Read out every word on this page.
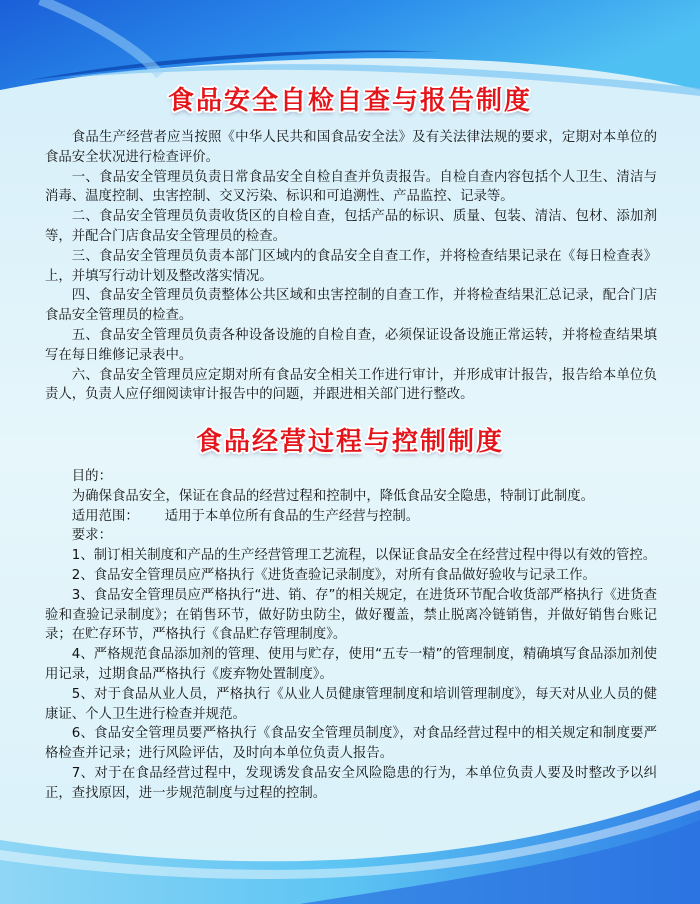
食品安全自检自查与报告制度

食品生产经营者应当按照《中华人民共和国食品安全法》及有关法律法规的要求，定期对本单位的食品安全状况进行检查评价。

一、食品安全管理员负责日常食品安全自检自查并负责报告。自检自查内容包括个人卫生、清洁与消毒、温度控制、虫害控制、交叉污染、标识和可追溯性、产品监控、记录等。

二、食品安全管理员负责收货区的自检自查，包括产品的标识、质量、包装、清洁、包材、添加剂等，并配合门店食品安全管理员的检查。

三、食品安全管理员负责本部门区域内的食品安全自查工作，并将检查结果记录在《每日检查表》上，并填写行动计划及整改落实情况。

四、食品安全管理员负责整体公共区域和虫害控制的自查工作，并将检查结果汇总记录，配合门店食品安全管理员的检查。

五、食品安全管理员负责各种设备设施的自检自查，必须保证设备设施正常运转，并将检查结果填写在每日维修记录表中。

六、食品安全管理员应定期对所有食品安全相关工作进行审计，并形成审计报告，报告给本单位负责人，负责人应仔细阅读审计报告中的问题，并跟进相关部门进行整改。

食品经营过程与控制制度

目的：

为确保食品安全，保证在食品的经营过程和控制中，降低食品安全隐患，特制订此制度。

适用范围： 适用于本单位所有食品的生产经营与控制。

要求：

1、制订相关制度和产品的生产经营管理工艺流程，以保证食品安全在经营过程中得以有效的管控。

2、食品安全管理员应严格执行《进货查验记录制度》，对所有食品做好验收与记录工作。

3、食品安全管理员应严格执行“进、销、存”的相关规定，在进货环节配合收货部严格执行《进货查验和查验记录制度》；在销售环节，做好防虫防尘，做好覆盖，禁止脱离冷链销售，并做好销售台账记录；在贮存环节，严格执行《食品贮存管理制度》。

4、严格规范食品添加剂的管理、使用与贮存，使用“五专一精”的管理制度，精确填写食品添加剂使用记录，过期食品严格执行《废弃物处置制度》。

5、对于食品从业人员，严格执行《从业人员健康管理制度和培训管理制度》，每天对从业人员的健康证、个人卫生进行检查并规范。

6、食品安全管理员要严格执行《食品安全管理员制度》，对食品经营过程中的相关规定和制度要严格检查并记录；进行风险评估，及时向本单位负责人报告。

7、对于在食品经营过程中，发现诱发食品安全风险隐患的行为，本单位负责人要及时整改予以纠正，查找原因，进一步规范制度与过程的控制。
